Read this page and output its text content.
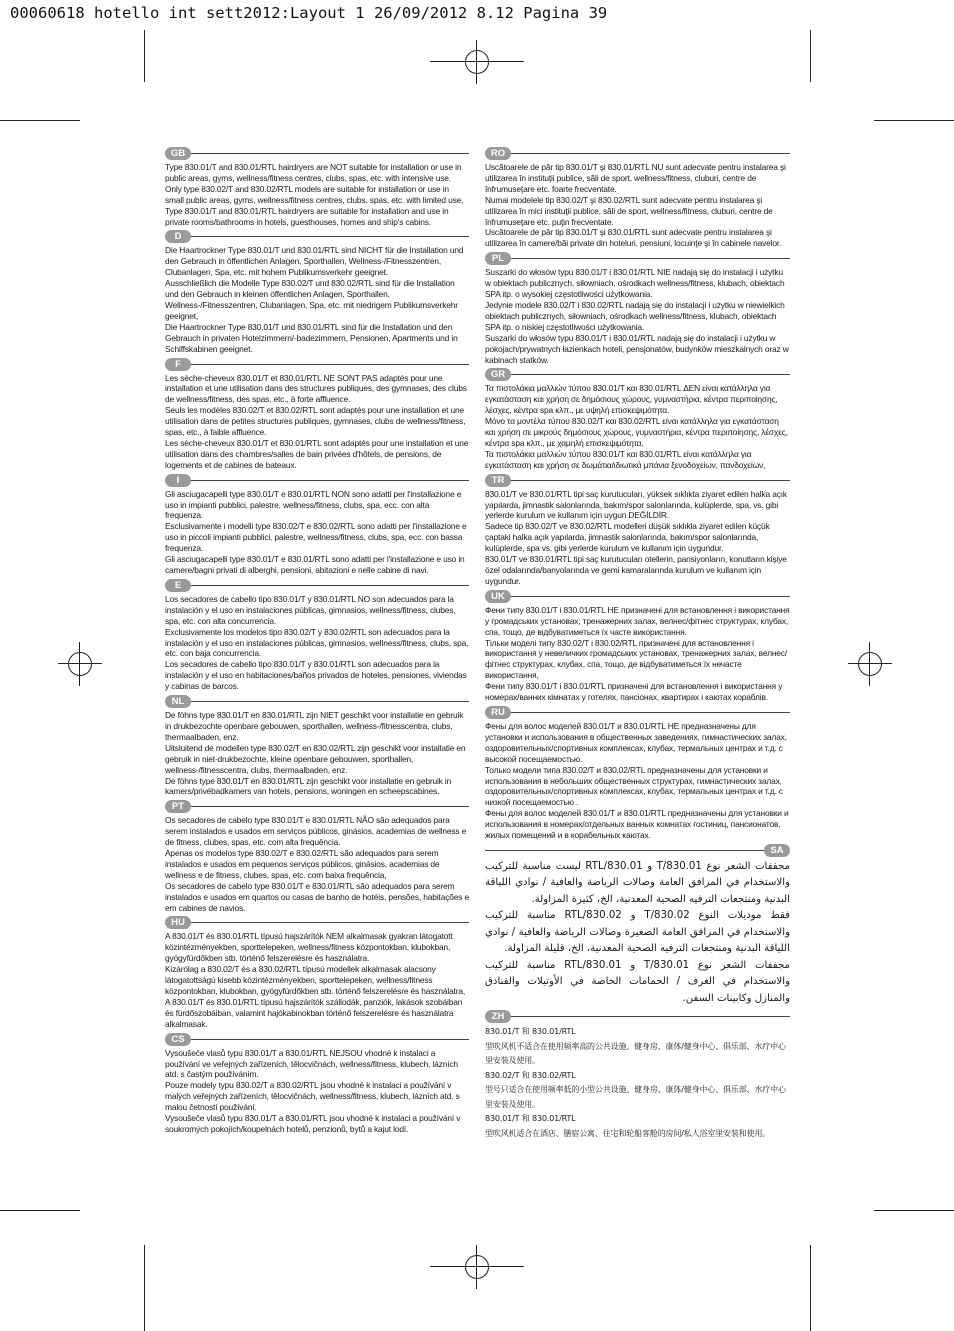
00060618 hotello int sett2012:Layout 1 26/09/2012 8.12 Pagina 39
GB

Type 830.01/T and 830.01/RTL hairdryers are NOT suitable for installation or use in public areas, gyms, wellness/fitness centres, clubs, spas, etc. with intensive use.
Only type 830.02/T and 830.02/RTL models are suitable for installation or use in small public areas, gyms, wellness/fitness centres, clubs, spas, etc. with limited use,
Type 830.01/T and 830.01/RTL hairdryers are suitable for installation and use in private rooms/bathrooms in hotels, guesthouses, homes and ship's cabins.

D

Die Haartrockner Type 830.01/T und 830.01/RTL sind NICHT für die Installation und den Gebrauch in öffentlichen Anlagen, Sporthallen, Wellness-/Fitnesszentren, Clubanlagen, Spa, etc. mit hohem Publikumsverkehr geeignet.
Ausschließlich die Modelle Type 830.02/T und 830.02/RTL sind für die Installation und den Gebrauch in kleinen öffentlichen Anlagen, Sporthallen, Wellness-/Fitnesszentren, Clubanlagen, Spa, etc. mit niedrigem Publikumsverkehr geeignet,
Die Haartrockner Type 830.01/T und 830.01/RTL sind für die Installation und den Gebrauch in privaten Hotelzimmern/-badezimmern, Pensionen, Apartments und in Schiffskabinen geeignet.

F

Les sèche-cheveux 830.01/T et 830.01/RTL NE SONT PAS adaptés pour une installation et une utilisation dans des structures publiques, des gymnases, des clubs de wellness/fitness, des spas, etc., à forte affluence.
Seuls les modèles 830.02/T et 830.02/RTL sont adaptés pour une installation et une utilisation dans de petites structures publiques, gymnases, clubs de wellness/fitness, spas, etc., à faible affluence.
Les sèche-cheveux 830.01/T et 830.01/RTL sont adaptés pour une installation et une utilisation dans des chambres/salles de bain privées d'hôtels, de pensions, de logements et de cabines de bateaux.

I

Gli asciugacapelli type 830.01/T e 830.01/RTL NON sono adatti per l'installazione e uso in impianti pubblici, palestre, wellness/fitness, clubs, spa, ecc. con alta frequenza.
Esclusivamente i modelli type 830.02/T e 830.02/RTL sono adatti per l'installazione e uso in piccoli impianti pubblici, palestre, wellness/fitness, clubs, spa, ecc. con bassa frequenza.
Gli asciugacapelli type 830.01/T e 830.01/RTL sono adatti per l'installazione e uso in camere/bagni privati di alberghi, pensioni, abitazioni e nelle cabine di navi.

E

Los secadores de cabello tipo 830.01/T y 830.01/RTL NO son adecuados para la instalación y el uso en instalaciones públicas, gimnasios, wellness/fitness, clubes, spa, etc. con alta concurrencia.
Exclusivamente los modelos tipo 830.02/T y 830.02/RTL son adecuados para la instalación y el uso en instalaciones públicas, gimnasios, wellness/fitness, clubs, spa, etc. con baja concurrencia.
Los secadores de cabello tipo 830.01/T y 830.01/RTL son adecuados para la instalación y el uso en habitaciones/baños privados de hoteles, pensiones, viviendas y cabinas de barcos.

NL

De föhns type 830.01/T en 830.01/RTL zijn NIET geschikt voor installatie en gebruik in drukbezochte openbare gebouwen, sporthallen, wellness-/fitnesscentra, clubs, thermaalbaden, enz.
Uitsluitend de modellen type 830.02/T en 830.02/RTL zijn geschikt voor installatie en gebruik in niet-drukbezochte, kleine openbare gebouwen, sporthallen, wellness-/fitnesscentra, clubs, thermaalbaden, enz.
De föhns type 830.01/T en 830.01/RTL zijn geschikt voor installatie en gebruik in kamers/privébadkamers van hotels, pensions, woningen en scheepscabines.

PT

Os secadores de cabelo type 830.01/T e 830.01/RTL NÃO são adequados para serem instalados e usados em serviços públicos, ginásios, academias de wellness e de fitness, clubes, spas, etc. com alta frequência.
Apenas os modelos type 830.02/T e 830.02/RTL são adequados para serem instalados e usados em pequenos serviços públicos, ginásios, academias de wellness e de fitness, clubes, spas, etc. com baixa frequência,
Os secadores de cabelo type 830.01/T e 830.01/RTL são adequados para serem instalados e usados em quartos ou casas de banho de hotéis, pensões, habitações e em cabines de navios.

HU

A 830.01/T és 830.01/RTL típusú hajszárítók NEM alkalmasak gyakran látogatott közintézményekben, sporttelepeken, wellness/fitness központokban, klubokban, gyógyfürdőkben stb. történő felszerelésre és használatra.
Kizárólag a 830.02/T és a 830.02/RTL típusú modellek alkalmasak alacsony látogatottságú kisebb közintézményekben, sporttelepeken, wellness/fitness központokban, klubokban, gyógyfürdőkben stb. történő felszerelésre és használatra,
A 830.01/T és 830.01/RTL típusú hajszárítók szállodák, panziók, lakások szobáiban és fürdőszobáiban, valamint hajókabinokban történő felszerelésre és használatra alkalmasak.

CS

Vysoušeče vlasů typu 830.01/T a 830.01/RTL NEJSOU vhodné k instalaci a používání ve veřejných zařízeních, tělocvičnách, wellness/fitness, klubech, lázních atd. s častým používáním.
Pouze modely typu 830.02/T a 830.02/RTL jsou vhodné k instalaci a používání v malých veřejných zařízeních, tělocvičnách, wellness/fitness, klubech, lázních atd. s malou četností používání.
Vysoušeče vlasů typu 830.01/T a 830.01/RTL jsou vhodné k instalaci a používání v soukromých pokojích/koupelnách hotelů, penzionů, bytů a kajut lodí.

RO

Uscătoarele de păr tip 830.01/T şi 830.01/RTL NU sunt adecvate pentru instalarea şi utilizarea în instituţii publice, săli de sport, wellness/fitness, cluburi, centre de înfrumuseţare etc. foarte frecventate.
Numai modelele tip 830.02/T şi 830.02/RTL sunt adecvate pentru instalarea şi utilizarea în mici instituţii publice, săli de sport, wellness/fitness, cluburi, centre de înfrumuseţare etc. puţin frecventate.
Uscătoarele de păr tip 830.01/T şi 830.01/RTL sunt adecvate pentru instalarea şi utilizarea în camere/băi private din hoteluri, pensiuni, locuinţe şi în cabinele navelor.

PL

Suszarki do włosów typu 830.01/T i 830.01/RTL NIE nadają się do instalacji i użytku w obiektach publicznych, siłowniach, ośrodkach wellness/fitness, klubach, obiektach SPA itp. o wysokiej częstotliwości użytkowania.
Jedynie modele 830.02/T i 830.02/RTL nadają się do instalacji i użytku w niewielkich obiektach publicznych, siłowniach, ośrodkach wellness/fitness, klubach, obiektach SPA itp. o niskiej częstotliwości użytkowania.
Suszarki do włosów typu 830.01/T i 830.01/RTL nadają się do instalacji i użytku w pokojach/prywatnych łazienkach hoteli, pensjonatów, budynków mieszkalnych oraz w kabinach statków.

GR

Τα πιστολάκια μαλλιών τύπου 830.01/T και 830.01/RTL ΔΕΝ είναι κατάλληλα για εγκατάσταση και χρήση σε δημόσιους χώρους, γυμναστήρια, κέντρα περιποίησης, λέσχες, κέντρα spa κλπ., με υψηλή επισκεψιμότητα.
Μόνο τα μοντέλα τύπου 830.02/T και 830.02/RTL είναι κατάλληλα για εγκατάσταση και χρήση σε μικρούς δημόσιους χώρους, γυμναστήρια, κέντρα περιποίησης, λέσχες, κέντρα spa κλπ., με χαμηλή επισκεψιμότητα,
Τα πιστολάκια μαλλιών τύπου 830.01/T και 830.01/RTL είναι κατάλληλα για εγκατάσταση και χρήση σε δωμάτια/ιδιωτικά μπάνια ξενοδοχείων, πανδοχείων,

TR

830.01/T ve 830.01/RTL tipi saç kurutucuları, yüksek sıklıkta ziyaret edilen halka açık yapılarda, jimnastik salonlarında, bakım/spor salonlarında, kulüplerde, spa, vs. gibi yerlerde kurulum ve kullanım için uygun DEĞİLDİR.
Sadece tip 830.02/T ve 830.02/RTL modelleri düşük sıklıkla ziyaret edilen küçük çaptaki halka açık yapılarda, jimnastik salonlarında, bakım/spor salonlarında, kulüplerde, spa vs. gibi yerlerde kurulum ve kullanım için uygundur.
830.01/T ve 830.01/RTL tipi saç kurutucuları otellerin, pansiyonların, konutların kişiye özel odalarında/banyolarında ve gemi kamaralarında kurulum ve kullanım için uygundur.

UK

Фени типу 830.01/T і 830.01/RTL НЕ призначені для встановлення і використання у громадських установах, тренажерних залах, велнес/фітнес структурах, клубах, спа, тощо, де відбуватиметься їх часте використання.
Тільки моделі типу 830.02/T і 830.02/RTL призначені для встановлення і використання у невеличких громадських установах, тренажерних залах, велнес/фітнес структурах, клубах, спа, тощо, де відбуватиметься їх нечасте використання,
Фени типу 830.01/T і 830.01/RTL призначені для встановлення і використання у номерах/ванних кімнатах у готелях, пансіонах, квартирах і каютах кораблів.

RU

Фены для волос моделей 830.01/T и 830.01/RTL НЕ предназначены для установки и использования в общественных заведениях, гимнастических залах, оздоровительных/спортивных комплексах, клубах, термальных центрах и т.д. с высокой посещаемостью.
Только модели типа 830.02/T и 830.02/RTL предназначены для установки и использования в небольших общественных структурах, гимнастических залах, оздоровительных/спортивных комплексах, клубах, термальных центрах и т.д. с низкой посещаемостью .
Фены для волос моделей 830.01/T и 830.01/RTL предназначены для установки и использования в номерах/отдельных ванных комнатах гостиниц, пансионатов, жилых помещений и в корабельных каютах.

SA

مجففات الشعر نوع 830.01/T و 830.01/RTL ليست مناسبة للتركيب والاستخدام في المرافق العامة وصالات الرياضة والعافية / نوادي اللياقة البدنية ومنتجعات الترفيه الصحية المعدنية، الخ، كثيرة المزاولة.
فقط موديلات النوع 830.02/T و 830.02/RTL مناسبة للتركيب والاستخدام في المرافق العامة الصغيرة وصالات الرياضة والعافية / نوادي اللياقة البدنية ومنتجعات الترفيه الصحية المعدنية، الخ، قليلة المزاولة.
مجففات الشعر نوع 830.01/T و 830.01/RTL مناسبة للتركيب والاستخدام في الغرف / الحمامات الخاصة في الأوتيلات والفنادق والمنازل وكابينات السفن.

ZH

830.01/T 和 830.01/RTL
型吹风机不适合在使用频率高的公共设施、健身房、康体/健身中心、俱乐部、水疗中心里安装及使用。
830.02/T 和 830.02/RTL
型号只适合在使用频率低的小型公共设施、健身房、康体/健身中心、俱乐部、水疗中心里安装及使用。
830.01/T 和 830.01/RTL
型吹风机适合在酒店、膳宿公寓、住宅和轮船客舱的房间/私人浴室里安装和使用。
